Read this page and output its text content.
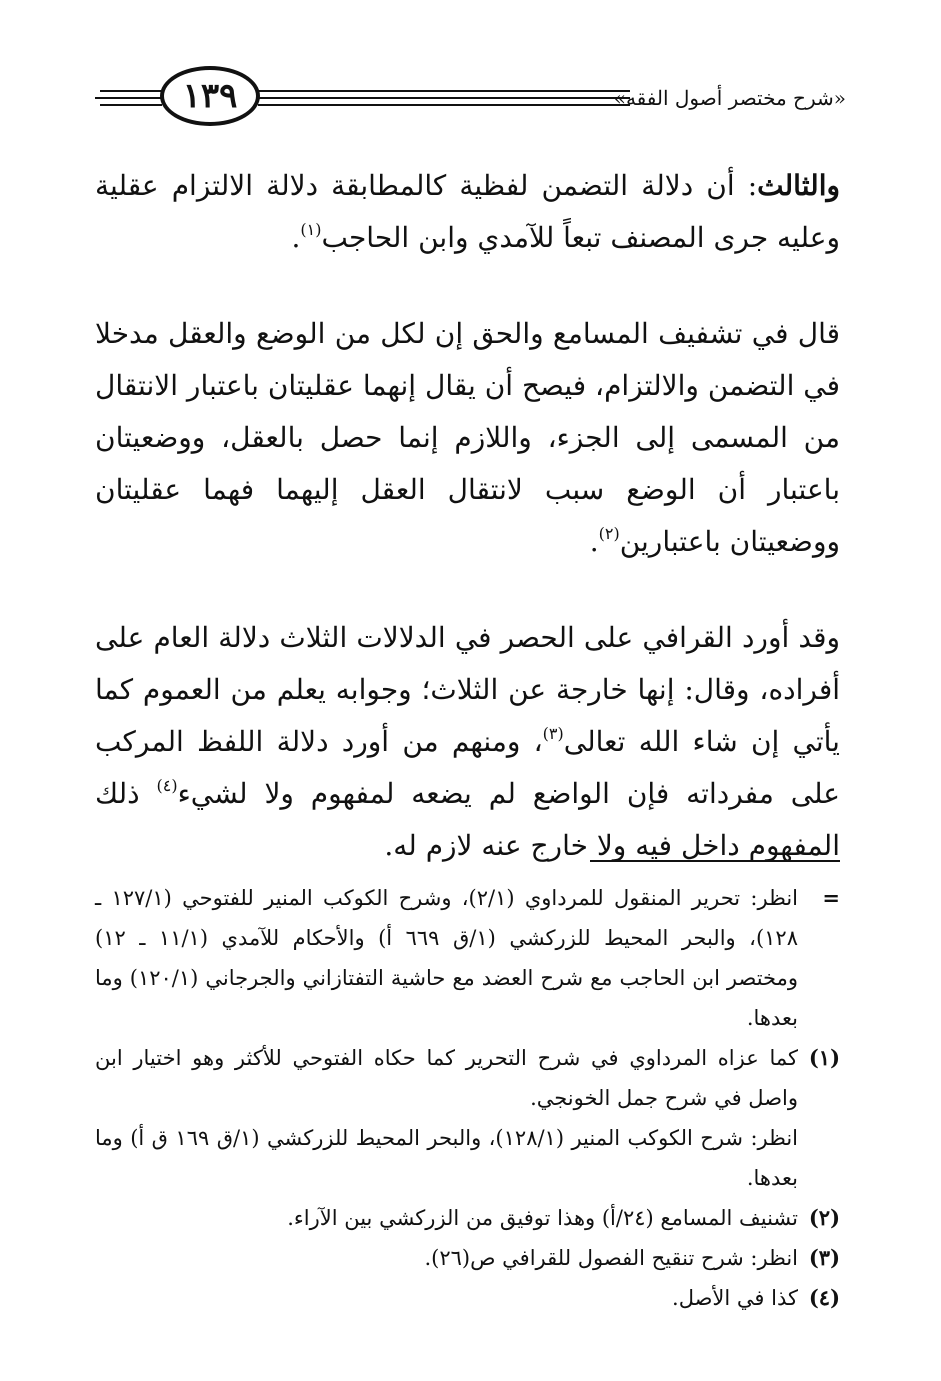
١٣٩	«شرح مختصر أصول الفقه»

والثالث: أن دلالة التضمن لفظية كالمطابقة دلالة الالتزام عقلية وعليه جرى المصنف تبعاً للآمدي وابن الحاجب$^{(١)}$.

قال في تشفيف المسامع والحق إن لكل من الوضع والعقل مدخلا في التضمن والالتزام، فيصح أن يقال إنهما عقليتان باعتبار الانتقال من المسمى إلى الجزء، واللازم إنما حصل بالعقل، ووضعيتان باعتبار أن الوضع سبب لانتقال العقل إليهما فهما عقليتان ووضعيتان باعتبارين$^{(٢)}$.

وقد أورد القرافي على الحصر في الدلالات الثلاث دلالة العام على أفراده، وقال: إنها خارجة عن الثلاث؛ وجوابه يعلم من العموم كما يأتي إن شاء الله تعالى$^{(٣)}$، ومنهم من أورد دلالة اللفظ المركب على مفرداته فإن الواضع لم يضعه لمفهوم ولا لشيء$^{(٤)}$ ذلك المفهوم داخل فيه ولا خارج عنه لازم له.

=
انظر: تحرير المنقول للمرداوي (٢/١)، وشرح الكوكب المنير للفتوحي (١٢٧/١ ـ ١٢٨)، والبحر المحيط للزركشي (١/ق ٦٦٩ أ) والأحكام للآمدي (١١/١ ـ ١٢) ومختصر ابن الحاجب مع شرح العضد مع حاشية التفتازاني والجرجاني (١٢٠/١) وما بعدها.
(١)
كما عزاه المرداوي في شرح التحرير كما حكاه الفتوحي للأكثر وهو اختيار ابن واصل في شرح جمل الخونجي.
انظر: شرح الكوكب المنير (١٢٨/١)، والبحر المحيط للزركشي (١/ق ١٦٩ ق أ) وما بعدها.
(٢)
تشنيف المسامع (٢٤/أ) وهذا توفيق من الزركشي بين الآراء.
(٣)
انظر: شرح تنقيح الفصول للقرافي ص(٢٦).
(٤)
كذا في الأصل.
